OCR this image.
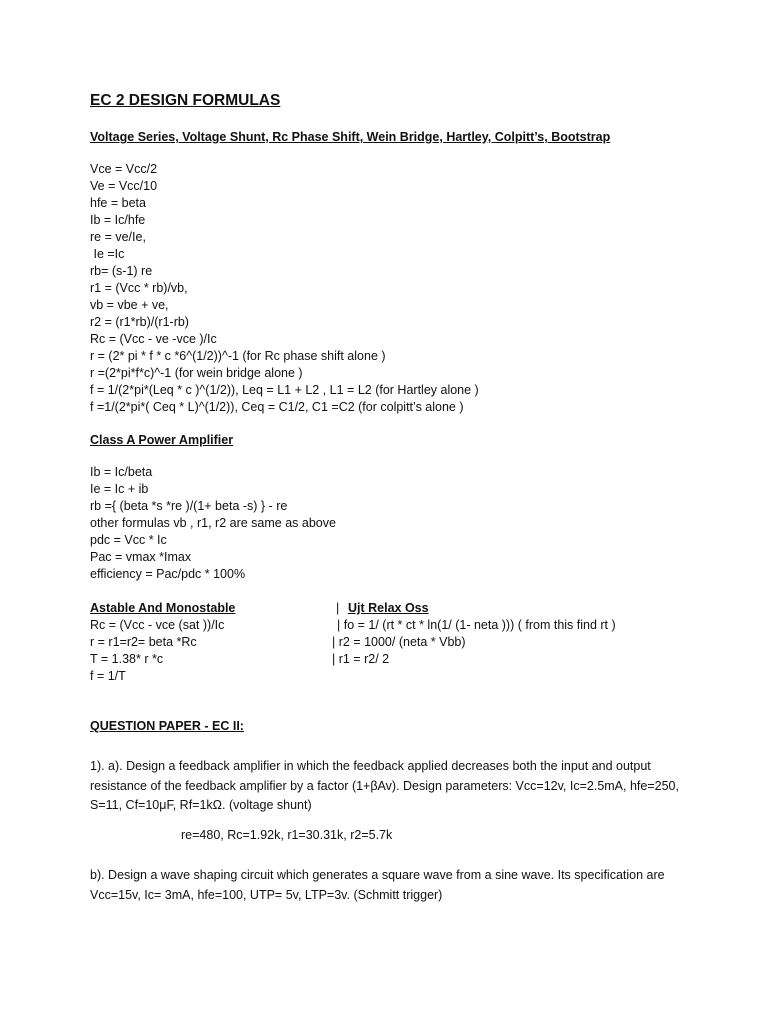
EC 2 DESIGN FORMULAS
Voltage Series, Voltage Shunt, Rc Phase Shift, Wein Bridge, Hartley, Colpitt’s, Bootstrap
Vce = Vcc/2
Ve = Vcc/10
hfe = beta
Ib = Ic/hfe
re = ve/Ie,
Ie =Ic
rb= (s-1) re
r1 = (Vcc * rb)/vb,
vb = vbe + ve,
r2 = (r1*rb)/(r1-rb)
Rc = (Vcc - ve -vce )/Ic
r = (2* pi * f * c *6^(1/2))^-1 (for Rc phase shift alone )
r =(2*pi*f*c)^-1 (for wein bridge alone )
f = 1/(2*pi*(Leq * c )^(1/2)), Leq = L1 + L2 , L1 = L2 (for Hartley alone )
f =1/(2*pi*( Ceq * L)^(1/2)), Ceq = C1/2, C1 =C2 (for colpitt’s alone )
Class A Power Amplifier
Ib = Ic/beta
Ie = Ic + ib
rb ={ (beta *s *re )/(1+ beta -s) } - re
other formulas vb , r1, r2 are same as above
pdc = Vcc * Ic
Pac = vmax *Imax
efficiency = Pac/pdc * 100%
Astable And Monostable	| Ujt Relax Oss
Rc = (Vcc - vce (sat ))/Ic
r = r1=r2= beta *Rc
T = 1.38* r *c
f = 1/T
| fo = 1/ (rt * ct * ln(1/ (1- neta ))) ( from this find rt )
| r2 = 1000/ (neta * Vbb)
| r1 = r2/ 2
QUESTION PAPER - EC II:

1). a). Design a feedback amplifier in which the feedback applied decreases both the input and output resistance of the feedback amplifier by a factor (1+βAv). Design parameters: Vcc=12v, Ic=2.5mA, hfe=250, S=11, Cf=10μF, Rf=1kΩ. (voltage shunt)

re=480, Rc=1.92k, r1=30.31k, r2=5.7k

b). Design a wave shaping circuit which generates a square wave from a sine wave. Its specification are Vcc=15v, Ic= 3mA, hfe=100, UTP= 5v, LTP=3v. (Schmitt trigger)
